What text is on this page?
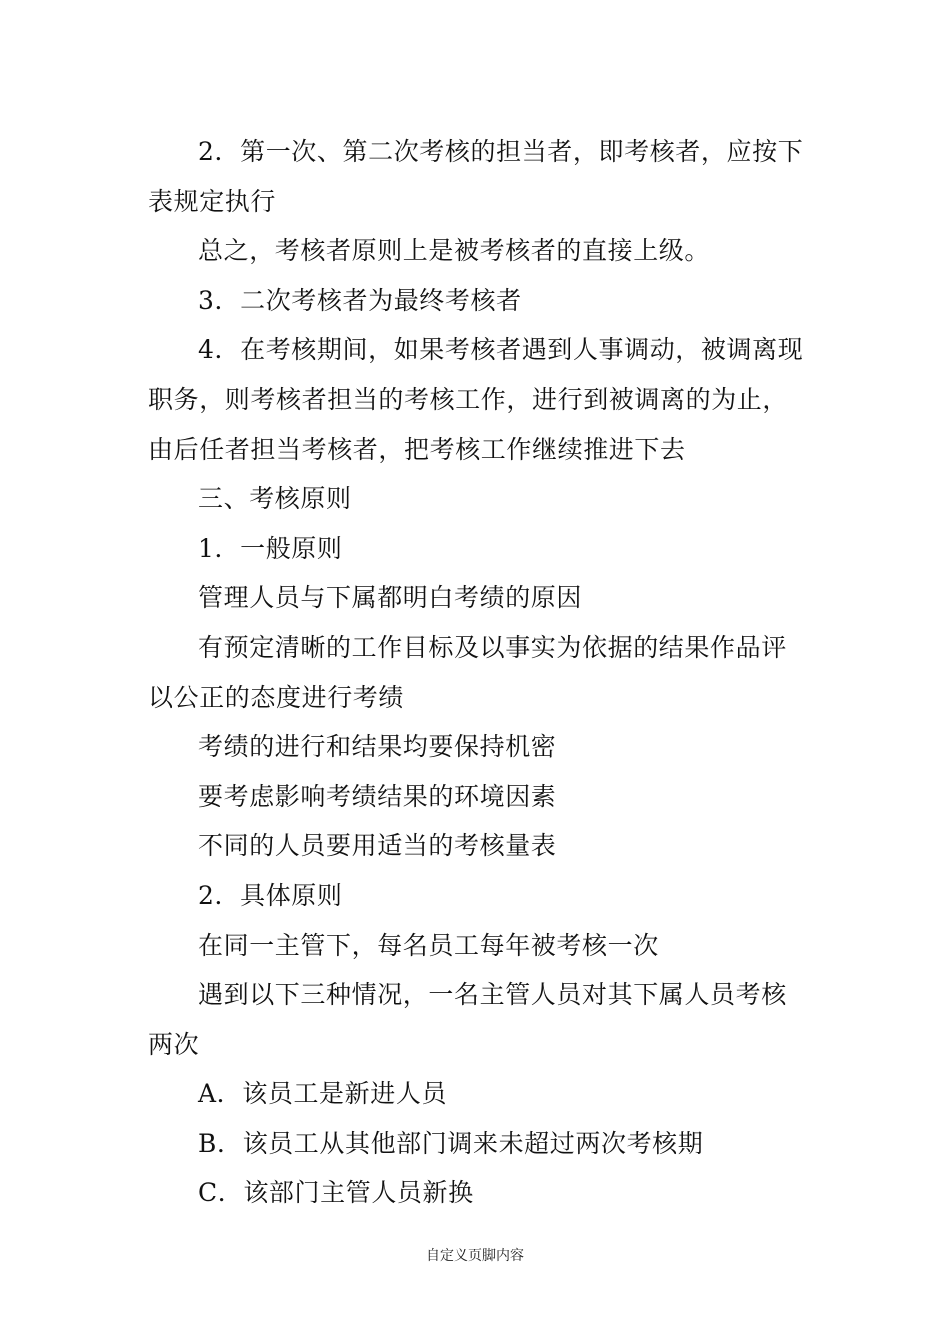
2．第一次、第二次考核的担当者，即考核者，应按下表规定执行

总之，考核者原则上是被考核者的直接上级。

3．二次考核者为最终考核者

4．在考核期间，如果考核者遇到人事调动，被调离现职务，则考核者担当的考核工作，进行到被调离的为止，由后任者担当考核者，把考核工作继续推进下去

三、考核原则

1．一般原则

管理人员与下属都明白考绩的原因

有预定清晰的工作目标及以事实为依据的结果作品评以公正的态度进行考绩

考绩的进行和结果均要保持机密

要考虑影响考绩结果的环境因素

不同的人员要用适当的考核量表

2．具体原则

在同一主管下，每名员工每年被考核一次

遇到以下三种情况，一名主管人员对其下属人员考核两次

A．该员工是新进人员

B．该员工从其他部门调来未超过两次考核期

C．该部门主管人员新换

自定义页脚内容
